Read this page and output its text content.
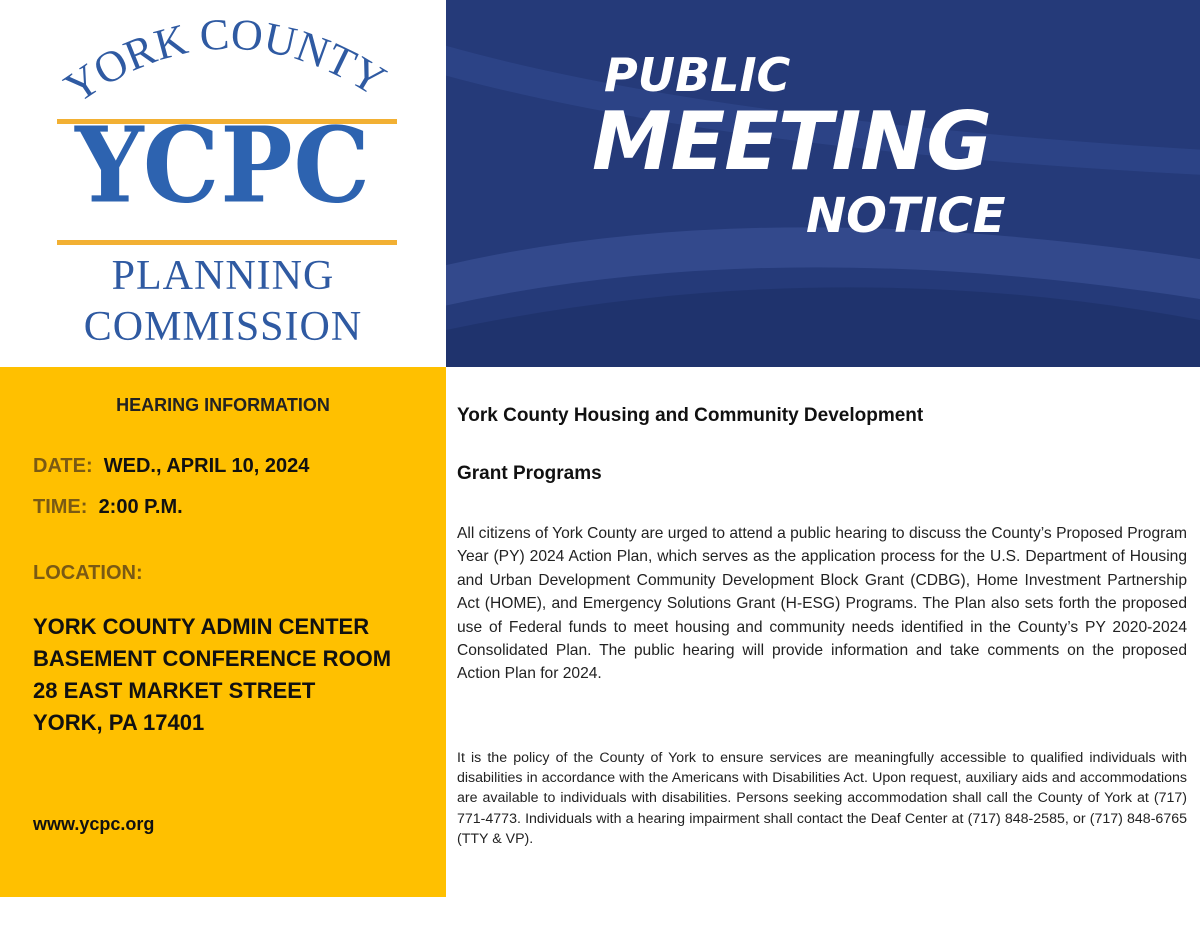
YORK COUNTY
YCPC
PLANNING
COMMISSION
PUBLIC
MEETING
NOTICE
HEARING INFORMATION
DATE: WED., APRIL 10, 2024
TIME: 2:00 P.M.
LOCATION:
YORK COUNTY ADMIN CENTER
BASEMENT CONFERENCE ROOM
28 EAST MARKET STREET
YORK, PA 17401
www.ycpc.org
York County Housing and Community Development
Grant Programs
All citizens of York County are urged to attend a public hearing to discuss the County’s Proposed Program Year (PY) 2024 Action Plan, which serves as the application process for the U.S. Department of Housing and Urban Development Community Development Block Grant (CDBG), Home Investment Partnership Act (HOME), and Emergency Solutions Grant (H-ESG) Programs. The Plan also sets forth the proposed use of Federal funds to meet housing and community needs identified in the County’s PY 2020-2024 Consolidated Plan. The public hearing will provide information and take comments on the proposed Action Plan for 2024.
It is the policy of the County of York to ensure services are meaningfully accessible to qualified individuals with disabilities in accordance with the Americans with Disabilities Act. Upon request, auxiliary aids and accommodations are available to individuals with disabilities. Persons seeking accommodation shall call the County of York at (717) 771-4773. Individuals with a hearing impairment shall contact the Deaf Center at (717) 848-2585, or (717) 848-6765 (TTY & VP).
